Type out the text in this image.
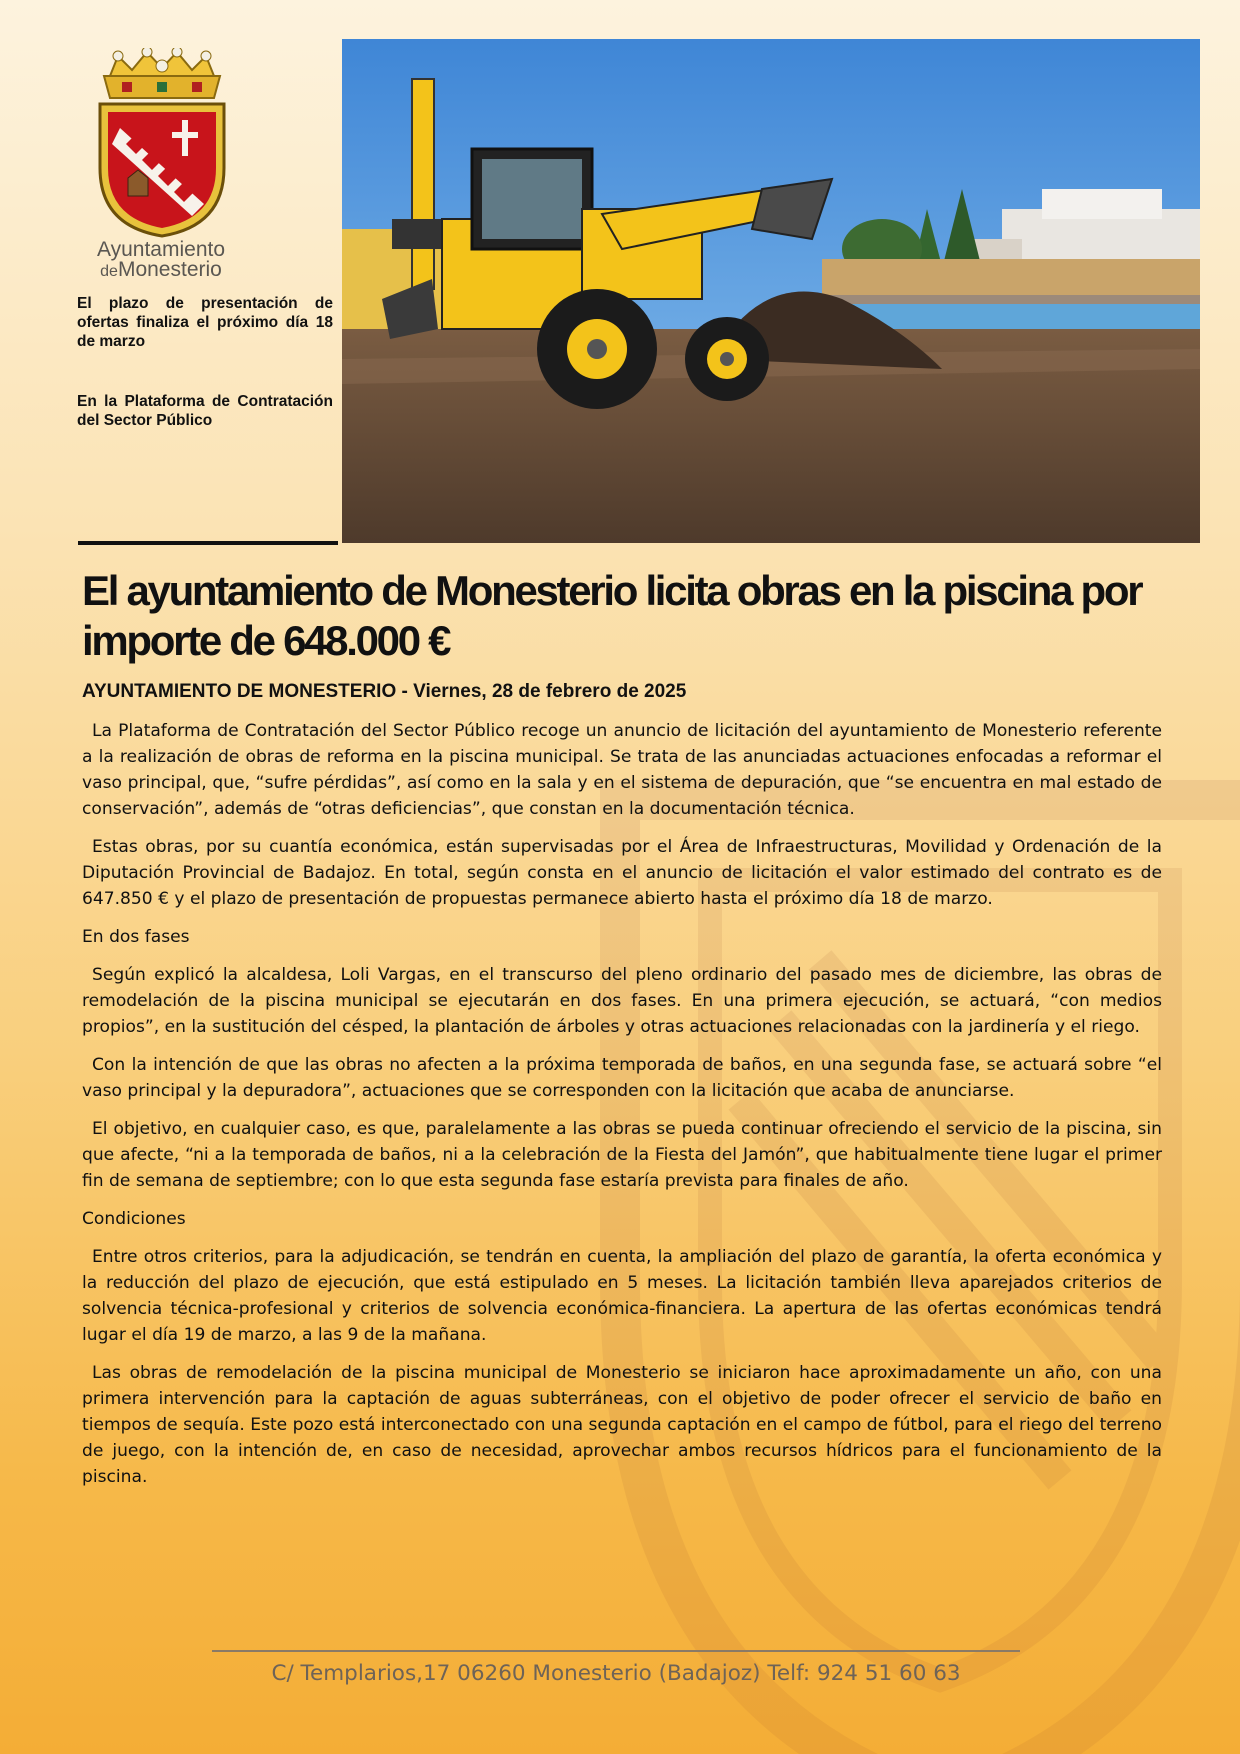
Ayuntamiento
deMonesterio
El plazo de presentación de ofertas finaliza el próximo día 18 de marzo
En la Plataforma de Contratación del Sector Público
El ayuntamiento de Monesterio licita obras en la piscina por importe de 648.000 €
AYUNTAMIENTO DE MONESTERIO - Viernes, 28 de febrero de 2025

La Plataforma de Contratación del Sector Público recoge un anuncio de licitación del ayuntamiento de Monesterio referente a la realización de obras de reforma en la piscina municipal. Se trata de las anunciadas actuaciones enfocadas a reformar el vaso principal, que, “sufre pérdidas”, así como en la sala y en el sistema de depuración, que “se encuentra en mal estado de conservación”, además de “otras deficiencias”, que constan en la documentación técnica.

Estas obras, por su cuantía económica, están supervisadas por el Área de Infraestructuras, Movilidad y Ordenación de la Diputación Provincial de Badajoz. En total, según consta en el anuncio de licitación el valor estimado del contrato es de 647.850 € y el plazo de presentación de propuestas permanece abierto hasta el próximo día 18 de marzo.

En dos fases

Según explicó la alcaldesa, Loli Vargas, en el transcurso del pleno ordinario del pasado mes de diciembre, las obras de remodelación de la piscina municipal se ejecutarán en dos fases. En una primera ejecución, se actuará, “con medios propios”, en la sustitución del césped, la plantación de árboles y otras actuaciones relacionadas con la jardinería y el riego.

Con la intención de que las obras no afecten a la próxima temporada de baños, en una segunda fase, se actuará sobre “el vaso principal y la depuradora”, actuaciones que se corresponden con la licitación que acaba de anunciarse.

El objetivo, en cualquier caso, es que, paralelamente a las obras se pueda continuar ofreciendo el servicio de la piscina, sin que afecte, “ni a la temporada de baños, ni a la celebración de la Fiesta del Jamón”, que habitualmente tiene lugar el primer fin de semana de septiembre; con lo que esta segunda fase estaría prevista para finales de año.

Condiciones

Entre otros criterios, para la adjudicación, se tendrán en cuenta, la ampliación del plazo de garantía, la oferta económica y la reducción del plazo de ejecución, que está estipulado en 5 meses. La licitación también lleva aparejados criterios de solvencia técnica-profesional y criterios de solvencia económica-financiera. La apertura de las ofertas económicas tendrá lugar el día 19 de marzo, a las 9 de la mañana.

Las obras de remodelación de la piscina municipal de Monesterio se iniciaron hace aproximadamente un año, con una primera intervención para la captación de aguas subterráneas, con el objetivo de poder ofrecer el servicio de baño en tiempos de sequía. Este pozo está interconectado con una segunda captación en el campo de fútbol, para el riego del terreno de juego, con la intención de, en caso de necesidad, aprovechar ambos recursos hídricos para el funcionamiento de la piscina.

C/ Templarios,17 06260 Monesterio (Badajoz) Telf: 924 51 60 63
